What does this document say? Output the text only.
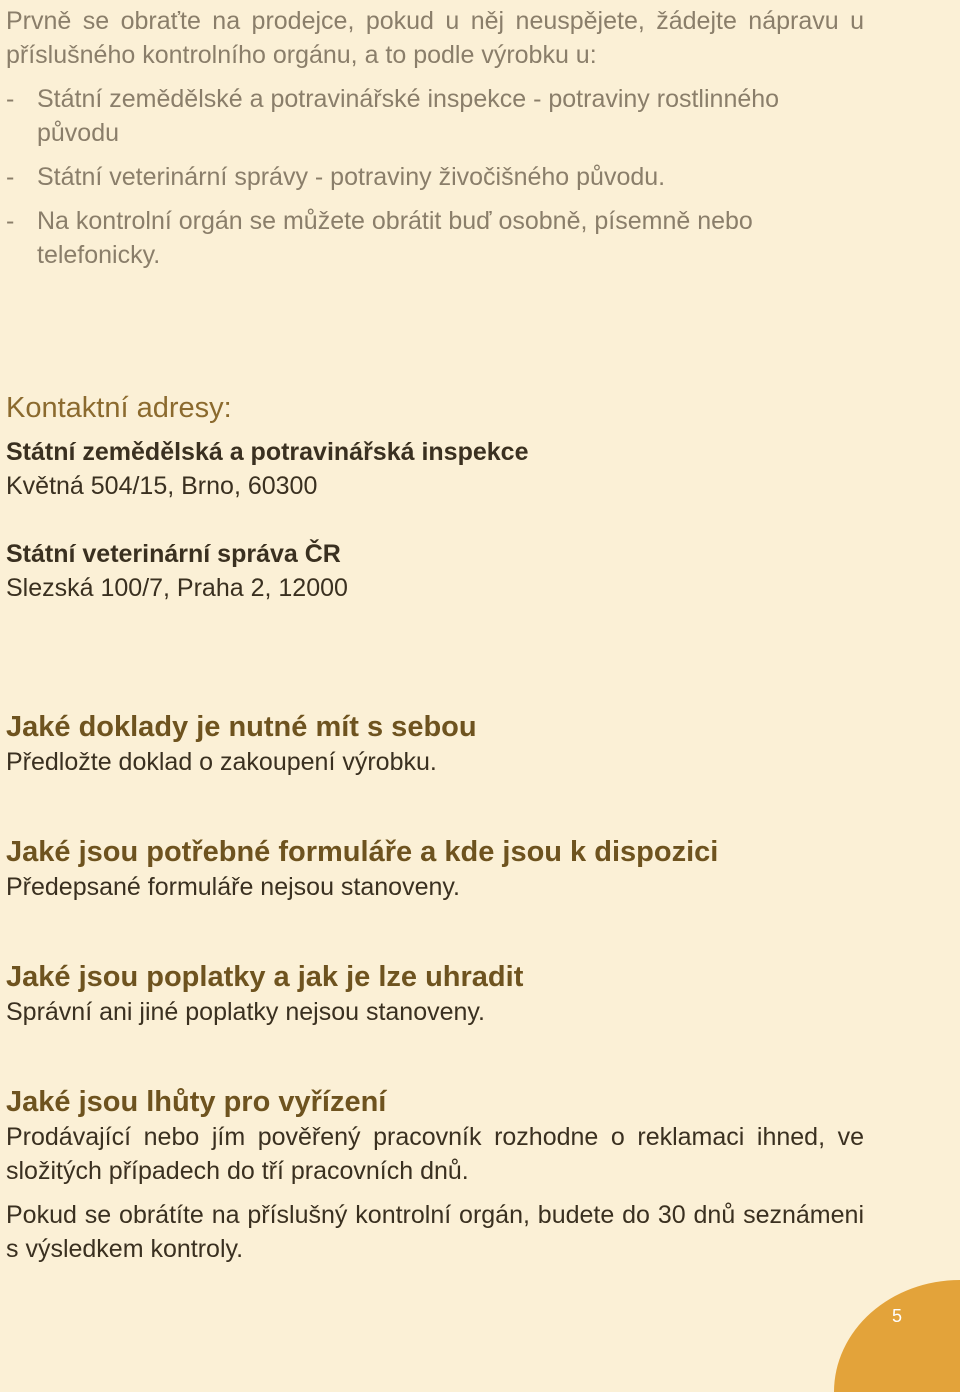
Prvně se obraťte na prodejce, pokud u něj neuspějete, žádejte nápravu u příslušného kontrolního orgánu, a to podle výrobku u:

- Státní zemědělské a potravinářské inspekce - potraviny rostlinného původu
- Státní veterinární správy - potraviny živočišného původu.
- Na kontrolní orgán se můžete obrátit buď osobně, písemně nebo telefonicky.
Kontaktní adresy:

Státní zemědělská a potravinářská inspekce

Květná 504/15, Brno, 60300

Státní veterinární správa ČR

Slezská 100/7, Praha 2, 12000

Jaké doklady je nutné mít s sebou

Předložte doklad o zakoupení výrobku.

Jaké jsou potřebné formuláře a kde jsou k dispozici

Předepsané formuláře nejsou stanoveny.

Jaké jsou poplatky a jak je lze uhradit

Správní ani jiné poplatky nejsou stanoveny.

Jaké jsou lhůty pro vyřízení

Prodávající nebo jím pověřený pracovník rozhodne o reklamaci ihned, ve složitých případech do tří pracovních dnů.

Pokud se obrátíte na příslušný kontrolní orgán, budete do 30 dnů seznámeni s výsledkem kontroly.

5
